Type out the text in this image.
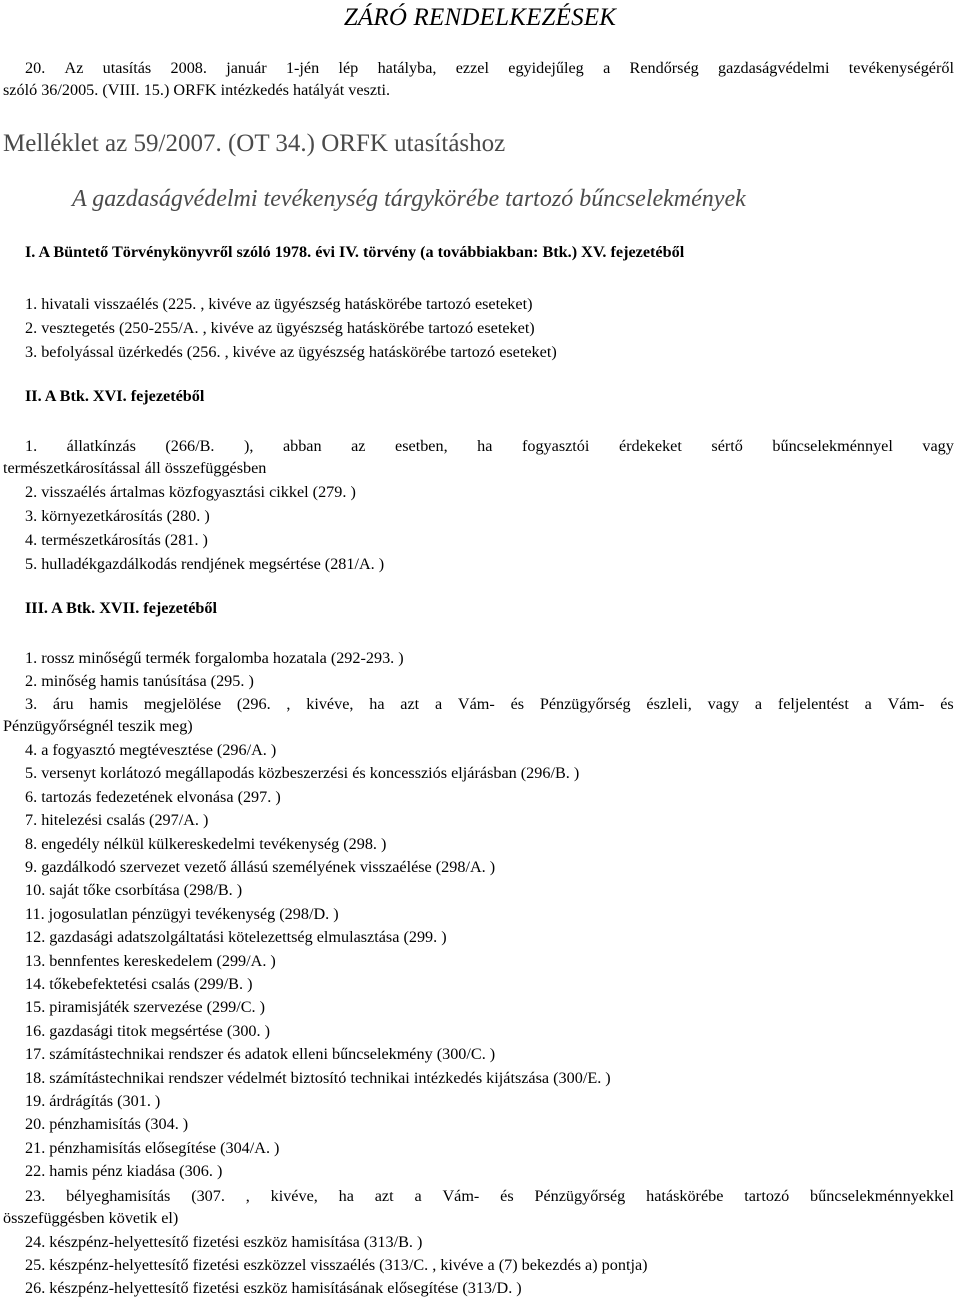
ZÁRÓ RENDELKEZÉSEK
20. Az utasítás 2008. január 1-jén lép hatályba, ezzel egyidejűleg a Rendőrség gazdaságvédelmi tevékenységéről
szóló 36/2005. (VIII. 15.) ORFK intézkedés hatályát veszti.
Melléklet az 59/2007. (OT 34.) ORFK utasításhoz
A gazdaságvédelmi tevékenység tárgykörébe tartozó bűncselekmények
I. A Büntető Törvénykönyvről szóló 1978. évi IV. törvény (a továbbiakban: Btk.) XV. fejezetéből
1. hivatali visszaélés (225. , kivéve az ügyészség hatáskörébe tartozó eseteket)
2. vesztegetés (250-255/A. , kivéve az ügyészség hatáskörébe tartozó eseteket)
3. befolyással üzérkedés (256. , kivéve az ügyészség hatáskörébe tartozó eseteket)
II. A Btk. XVI. fejezetéből
1. állatkínzás (266/B. ), abban az esetben, ha fogyasztói érdekeket sértő bűncselekménnyel vagy
természetkárosítással áll összefüggésben
2. visszaélés ártalmas közfogyasztási cikkel (279. )
3. környezetkárosítás (280. )
4. természetkárosítás (281. )
5. hulladékgazdálkodás rendjének megsértése (281/A. )
III. A Btk. XVII. fejezetéből
1. rossz minőségű termék forgalomba hozatala (292-293. )
2. minőség hamis tanúsítása (295. )
3. áru hamis megjelölése (296. , kivéve, ha azt a Vám- és Pénzügyőrség észleli, vagy a feljelentést a Vám- és
Pénzügyőrségnél teszik meg)
4. a fogyasztó megtévesztése (296/A. )
5. versenyt korlátozó megállapodás közbeszerzési és koncessziós eljárásban (296/B. )
6. tartozás fedezetének elvonása (297. )
7. hitelezési csalás (297/A. )
8. engedély nélkül külkereskedelmi tevékenység (298. )
9. gazdálkodó szervezet vezető állású személyének visszaélése (298/A. )
10. saját tőke csorbítása (298/B. )
11. jogosulatlan pénzügyi tevékenység (298/D. )
12. gazdasági adatszolgáltatási kötelezettség elmulasztása (299. )
13. bennfentes kereskedelem (299/A. )
14. tőkebefektetési csalás (299/B. )
15. piramisjáték szervezése (299/C. )
16. gazdasági titok megsértése (300. )
17. számítástechnikai rendszer és adatok elleni bűncselekmény (300/C. )
18. számítástechnikai rendszer védelmét biztosító technikai intézkedés kijátszása (300/E. )
19. árdrágítás (301. )
20. pénzhamisítás (304. )
21. pénzhamisítás elősegítése (304/A. )
22. hamis pénz kiadása (306. )
23. bélyeghamisítás (307. , kivéve, ha azt a Vám- és Pénzügyőrség hatáskörébe tartozó bűncselekménnyekkel
összefüggésben követik el)
24. készpénz-helyettesítő fizetési eszköz hamisítása (313/B. )
25. készpénz-helyettesítő fizetési eszközzel visszaélés (313/C. , kivéve a (7) bekezdés a) pontja)
26. készpénz-helyettesítő fizetési eszköz hamisításának elősegítése (313/D. )
